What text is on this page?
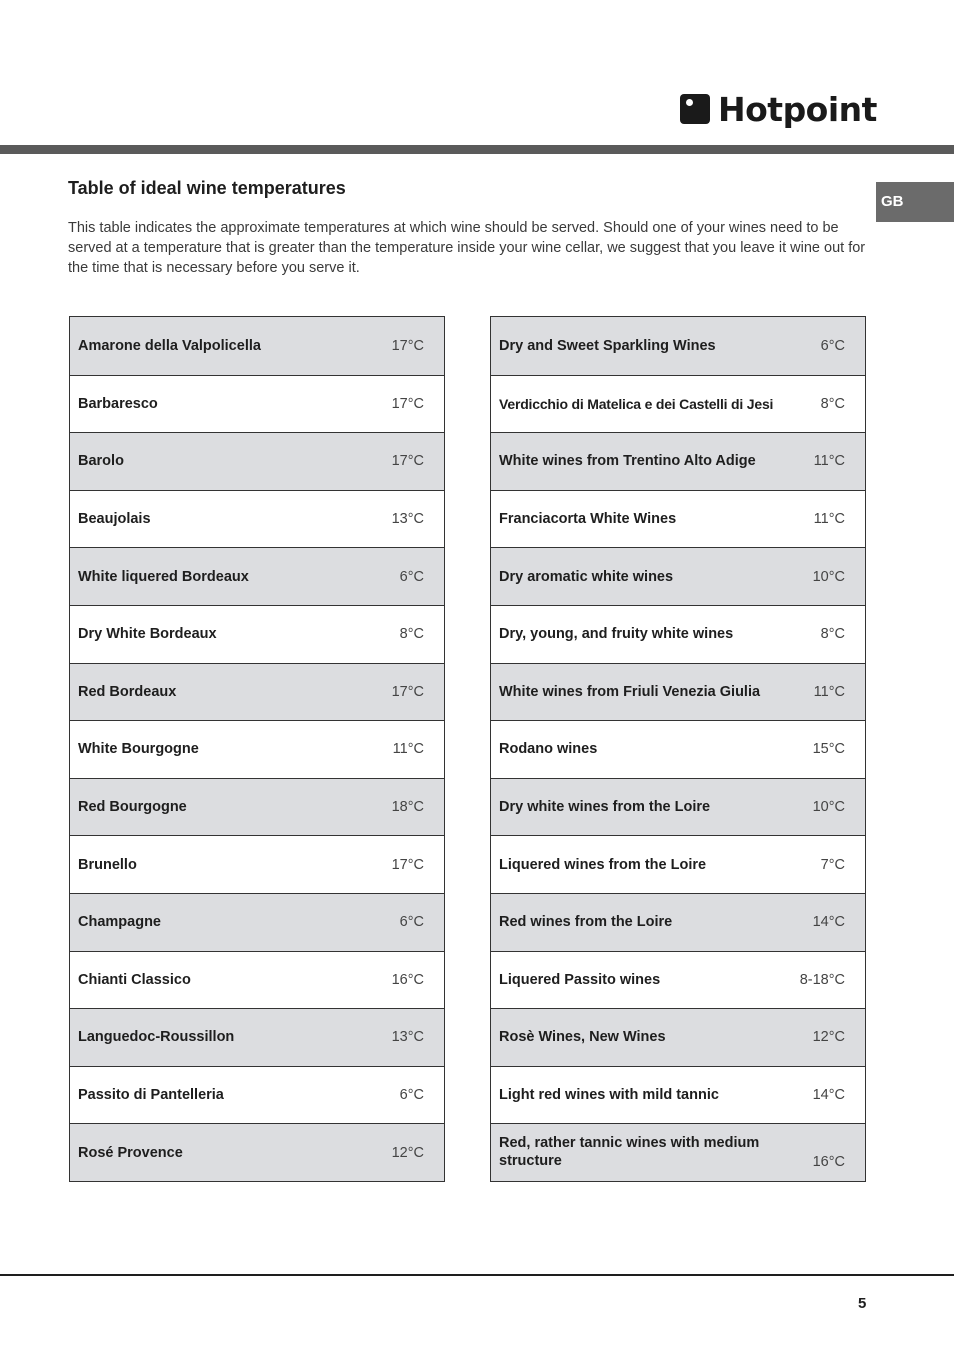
Hotpoint
GB
Table of ideal wine temperatures

This table indicates the approximate temperatures at which wine should be served. Should one of your wines need to be served at a temperature that is greater than the temperature inside your wine cellar, we suggest that you leave it wine out for the time that is necessary before you serve it.

Amarone della Valpolicella	17°C
Barbaresco	17°C
Barolo	17°C
Beaujolais	13°C
White liquered Bordeaux	6°C
Dry White Bordeaux	8°C
Red Bordeaux	17°C
White Bourgogne	11°C
Red Bourgogne	18°C
Brunello	17°C
Champagne	6°C
Chianti Classico	16°C
Languedoc-Roussillon	13°C
Passito di Pantelleria	6°C
Rosé Provence	12°C
Dry and Sweet Sparkling Wines	6°C
Verdicchio di Matelica e dei Castelli di Jesi	8°C
White wines from Trentino Alto Adige	11°C
Franciacorta White Wines	11°C
Dry aromatic white wines	10°C
Dry, young, and fruity white wines	8°C
White wines from Friuli Venezia Giulia	11°C
Rodano wines	15°C
Dry white wines from the Loire	10°C
Liquered wines from the Loire	7°C
Red wines from the Loire	14°C
Liquered Passito wines	8-18°C
Rosè Wines, New Wines	12°C
Light red wines with mild tannic	14°C
Red, rather tannic wines with medium structure	16°C
5
